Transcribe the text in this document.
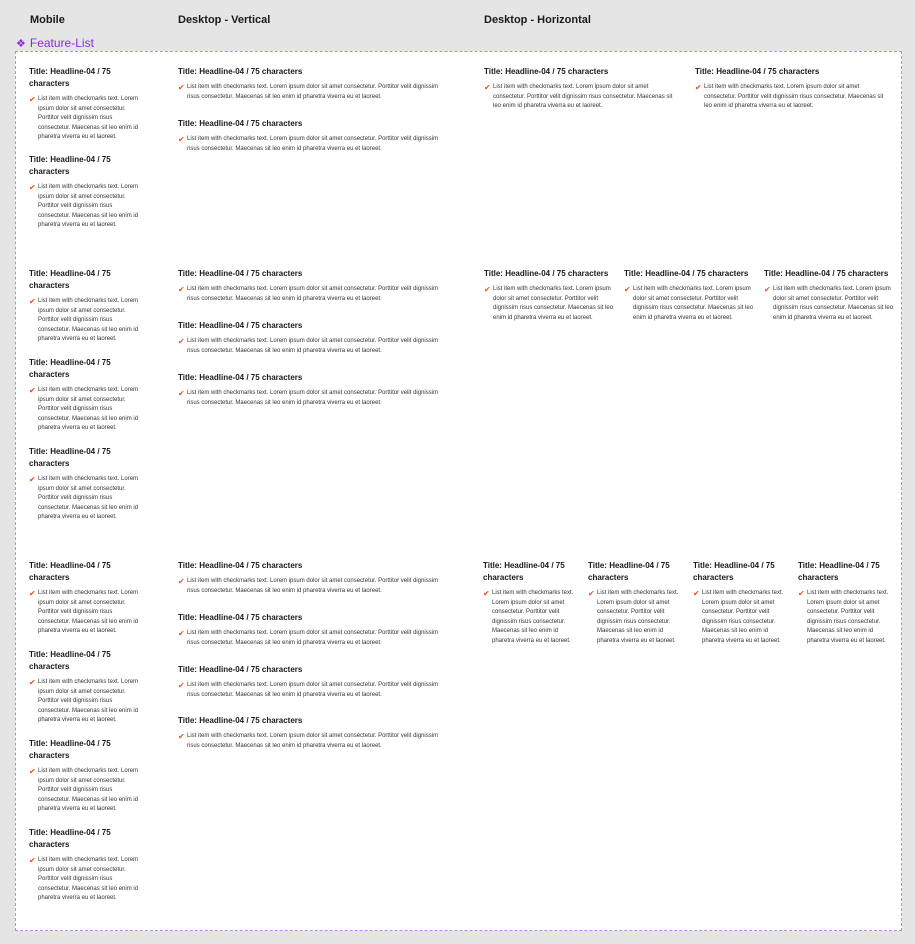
Mobile	Desktop - Vertical	Desktop - Horizontal
❖ Feature-List
Title: Headline-04 / 75 characters
✔ List item with checkmarks text. Lorem ipsum dolor sit amet consectetur. Porttitor velit dignissim risus consectetur. Maecenas sit leo enim id pharetra viverra eu et laoreet.
Title: Headline-04 / 75 characters
✔ List item with checkmarks text. Lorem ipsum dolor sit amet consectetur. Porttitor velit dignissim risus consectetur. Maecenas sit leo enim id pharetra viverra eu et laoreet.
Title: Headline-04 / 75 characters
✔ List item with checkmarks text. Lorem ipsum dolor sit amet consectetur. Porttitor velit dignissim risus consectetur. Maecenas sit leo enim id pharetra viverra eu et laoreet.
Title: Headline-04 / 75 characters
✔ List item with checkmarks text. Lorem ipsum dolor sit amet consectetur. Porttitor velit dignissim risus consectetur. Maecenas sit leo enim id pharetra viverra eu et laoreet.
Title: Headline-04 / 75 characters
✔ List item with checkmarks text. Lorem ipsum dolor sit amet consectetur. Porttitor velit dignissim risus consectetur. Maecenas sit leo enim id pharetra viverra eu et laoreet.
Title: Headline-04 / 75 characters
✔ List item with checkmarks text. Lorem ipsum dolor sit amet consectetur. Porttitor velit dignissim risus consectetur. Maecenas sit leo enim id pharetra viverra eu et laoreet.
Title: Headline-04 / 75 characters
✔ List item with checkmarks text. Lorem ipsum dolor sit amet consectetur. Porttitor velit dignissim risus consectetur. Maecenas sit leo enim id pharetra viverra eu et laoreet.
Title: Headline-04 / 75 characters
✔ List item with checkmarks text. Lorem ipsum dolor sit amet consectetur. Porttitor velit dignissim risus consectetur. Maecenas sit leo enim id pharetra viverra eu et laoreet.
Title: Headline-04 / 75 characters
✔ List item with checkmarks text. Lorem ipsum dolor sit amet consectetur. Porttitor velit dignissim risus consectetur. Maecenas sit leo enim id pharetra viverra eu et laoreet.
Title: Headline-04 / 75 characters
✔ List item with checkmarks text. Lorem ipsum dolor sit amet consectetur. Porttitor velit dignissim risus consectetur. Maecenas sit leo enim id pharetra viverra eu et laoreet.
Title: Headline-04 / 75 characters
✔ List item with checkmarks text. Lorem ipsum dolor sit amet consectetur. Porttitor velit dignissim risus consectetur. Maecenas sit leo enim id pharetra viverra eu et laoreet.
Title: Headline-04 / 75 characters
✔ List item with checkmarks text. Lorem ipsum dolor sit amet consectetur. Porttitor velit dignissim risus consectetur. Maecenas sit leo enim id pharetra viverra eu et laoreet.
Title: Headline-04 / 75 characters
✔ List item with checkmarks text. Lorem ipsum dolor sit amet consectetur. Porttitor velit dignissim risus consectetur. Maecenas sit leo enim id pharetra viverra eu et laoreet.
Title: Headline-04 / 75 characters
✔ List item with checkmarks text. Lorem ipsum dolor sit amet consectetur. Porttitor velit dignissim risus consectetur. Maecenas sit leo enim id pharetra viverra eu et laoreet.
Title: Headline-04 / 75 characters
✔ List item with checkmarks text. Lorem ipsum dolor sit amet consectetur. Porttitor velit dignissim risus consectetur. Maecenas sit leo enim id pharetra viverra eu et laoreet.
Title: Headline-04 / 75 characters
✔ List item with checkmarks text. Lorem ipsum dolor sit amet consectetur. Porttitor velit dignissim risus consectetur. Maecenas sit leo enim id pharetra viverra eu et laoreet.
Title: Headline-04 / 75 characters
✔ List item with checkmarks text. Lorem ipsum dolor sit amet consectetur. Porttitor velit dignissim risus consectetur. Maecenas sit leo enim id pharetra viverra eu et laoreet.
Title: Headline-04 / 75 characters
✔ List item with checkmarks text. Lorem ipsum dolor sit amet consectetur. Porttitor velit dignissim risus consectetur. Maecenas sit leo enim id pharetra viverra eu et laoreet.
Title: Headline-04 / 75 characters
✔ List item with checkmarks text. Lorem ipsum dolor sit amet consectetur. Porttitor velit dignissim risus consectetur. Maecenas sit leo enim id pharetra viverra eu et laoreet.
Title: Headline-04 / 75 characters
✔ List item with checkmarks text. Lorem ipsum dolor sit amet consectetur. Porttitor velit dignissim risus consectetur. Maecenas sit leo enim id pharetra viverra eu et laoreet.
Title: Headline-04 / 75 characters
✔ List item with checkmarks text. Lorem ipsum dolor sit amet consectetur. Porttitor velit dignissim risus consectetur. Maecenas sit leo enim id pharetra viverra eu et laoreet.
Title: Headline-04 / 75 characters
✔ List item with checkmarks text. Lorem ipsum dolor sit amet consectetur. Porttitor velit dignissim risus consectetur. Maecenas sit leo enim id pharetra viverra eu et laoreet.
Title: Headline-04 / 75 characters
✔ List item with checkmarks text. Lorem ipsum dolor sit amet consectetur. Porttitor velit dignissim risus consectetur. Maecenas sit leo enim id pharetra viverra eu et laoreet.
Title: Headline-04 / 75 characters
✔ List item with checkmarks text. Lorem ipsum dolor sit amet consectetur. Porttitor velit dignissim risus consectetur. Maecenas sit leo enim id pharetra viverra eu et laoreet.
Title: Headline-04 / 75 characters
✔ List item with checkmarks text. Lorem ipsum dolor sit amet consectetur. Porttitor velit dignissim risus consectetur. Maecenas sit leo enim id pharetra viverra eu et laoreet.
Title: Headline-04 / 75 characters
✔ List item with checkmarks text. Lorem ipsum dolor sit amet consectetur. Porttitor velit dignissim risus consectetur. Maecenas sit leo enim id pharetra viverra eu et laoreet.
Title: Headline-04 / 75 characters
✔ List item with checkmarks text. Lorem ipsum dolor sit amet consectetur. Porttitor velit dignissim risus consectetur. Maecenas sit leo enim id pharetra viverra eu et laoreet.
